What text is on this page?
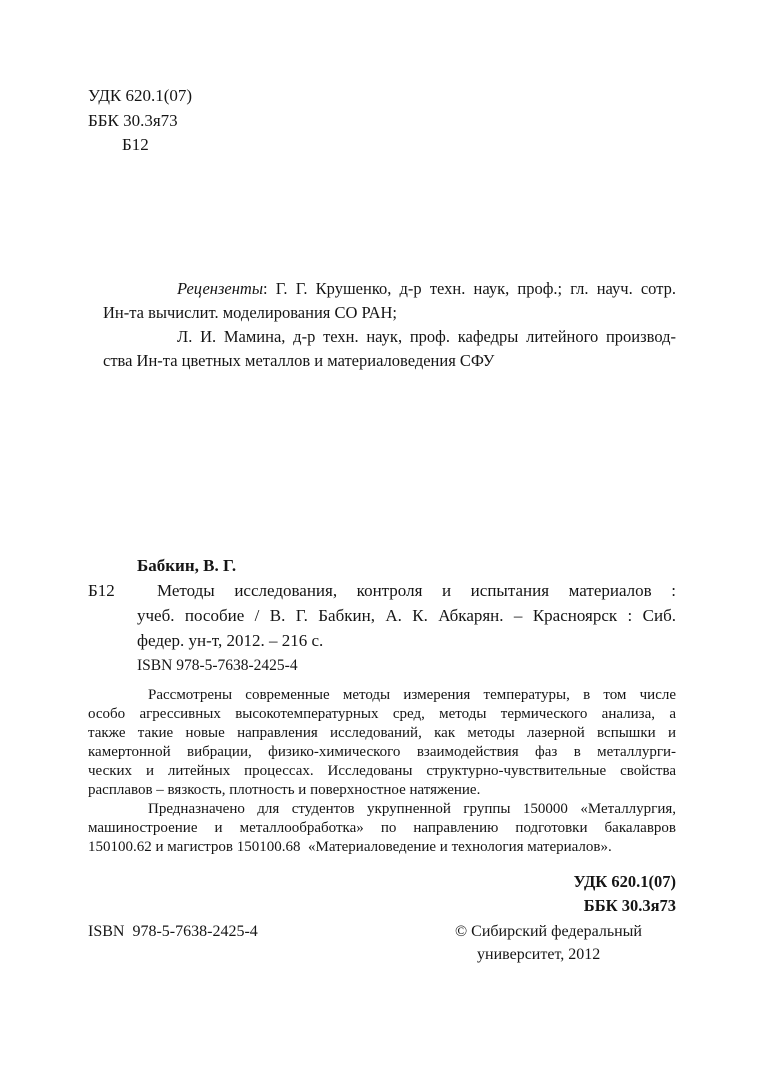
УДК 620.1(07)
ББК 30.3я73
Б12
Рецензенты: Г. Г. Крушенко, д-р техн. наук, проф.; гл. науч. сотр.
Ин-та вычислит. моделирования СО РАН;
Л. И. Мамина, д-р техн. наук, проф. кафедры литейного производ-
ства Ин-та цветных металлов и материаловедения СФУ
Бабкин, В. Г.
Б12	Методы исследования, контроля и испытания материалов :
учеб. пособие / В. Г. Бабкин, А. К. Абкарян. – Красноярск : Сиб.
федер. ун-т, 2012. – 216 с.
ISBN 978-5-7638-2425-4
Рассмотрены современные методы измерения температуры, в том числе
особо агрессивных высокотемпературных сред, методы термического анализа, а
также такие новые направления исследований, как методы лазерной вспышки и
камертонной вибрации, физико-химического взаимодействия фаз в металлурги-
ческих и литейных процессах. Исследованы структурно-чувствительные свойства
расплавов – вязкость, плотность и поверхностное натяжение.
Предназначено для студентов укрупненной группы 150000 «Металлургия,
машиностроение и металлообработка» по направлению подготовки бакалавров
150100.62 и магистров 150100.68  «Материаловедение и технология материалов».
УДК 620.1(07)
ББК 30.3я73
ISBN  978-5-7638-2425-4	© Сибирский федеральный
университет, 2012
